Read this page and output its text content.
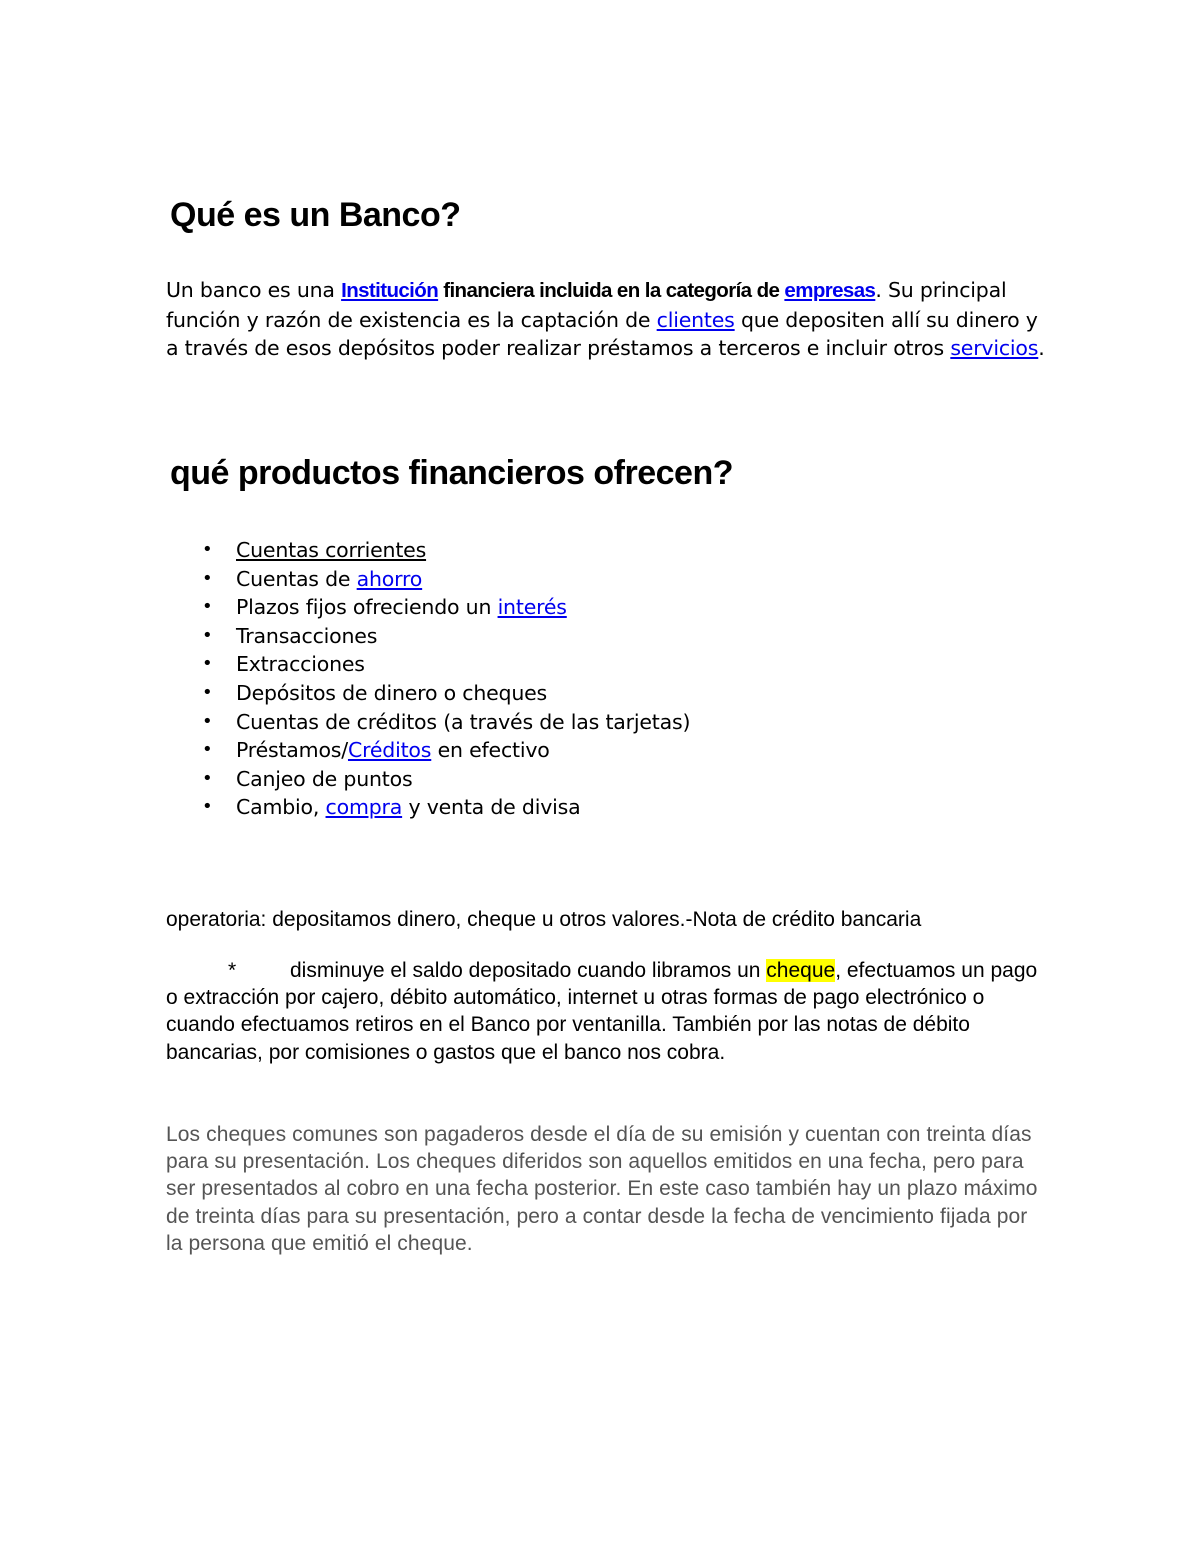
Qué es un Banco?

Un banco es una Institución financiera incluida en la categoría de empresas. Su principal función y razón de existencia es la captación de clientes que depositen allí su dinero y a través de esos depósitos poder realizar préstamos a terceros e incluir otros servicios.

qué productos financieros ofrecen?
• Cuentas corrientes
• Cuentas de ahorro
• Plazos fijos ofreciendo un interés
• Transacciones
• Extracciones
• Depósitos de dinero o cheques
• Cuentas de créditos (a través de las tarjetas)
• Préstamos/Créditos en efectivo
• Canjeo de puntos
• Cambio, compra y venta de divisa

operatoria: depositamos dinero, cheque u otros valores.-Nota de crédito bancaria

*	disminuye el saldo depositado cuando libramos un cheque, efectuamos un pago o extracción por cajero, débito automático, internet u otras formas de pago electrónico o cuando efectuamos retiros en el Banco por ventanilla. También por las notas de débito bancarias, por comisiones o gastos que el banco nos cobra.

Los cheques comunes son pagaderos desde el día de su emisión y cuentan con treinta días para su presentación. Los cheques diferidos son aquellos emitidos en una fecha, pero para ser presentados al cobro en una fecha posterior. En este caso también hay un plazo máximo de treinta días para su presentación, pero a contar desde la fecha de vencimiento fijada por la persona que emitió el cheque.
